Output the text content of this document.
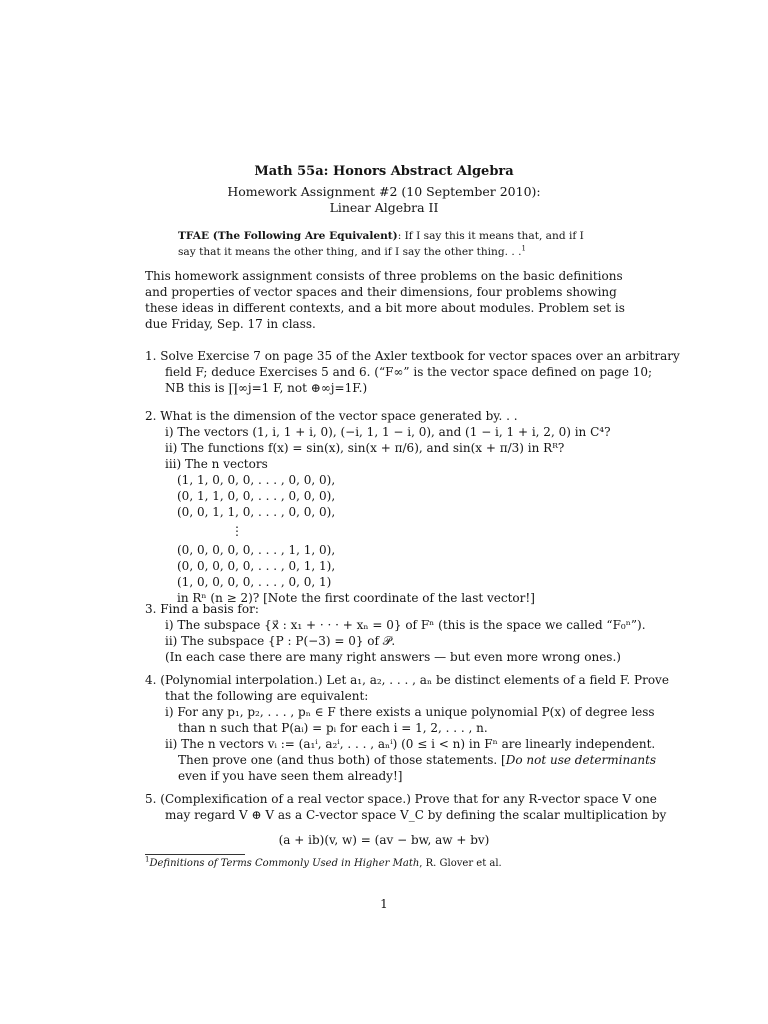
Math 55a: Honors Abstract Algebra
Homework Assignment #2 (10 September 2010):
Linear Algebra II
TFAE (The Following Are Equivalent): If I say this it means that, and if I
say that it means the other thing, and if I say the other thing. . .$^1$
This homework assignment consists of three problems on the basic definitions and properties of vector spaces and their dimensions, four problems showing these ideas in different contexts, and a bit more about modules. Problem set is due Friday, Sep. 17 in class.
1. Solve Exercise 7 on page 35 of the Axler textbook for vector spaces over an arbitrary
field F; deduce Exercises 5 and 6. (“F∞” is the vector space defined on page 10;
NB this is ∏∞j=1 F, not ⊕∞j=1F.)
2. What is the dimension of the vector space generated by. . .
i) The vectors (1, i, 1 + i, 0), (−i, 1, 1 − i, 0), and (1 − i, 1 + i, 2, 0) in C⁴?
ii) The functions f(x) = sin(x), sin(x + π/6), and sin(x + π/3) in Rᴿ?
iii) The n vectors
(1, 1, 0, 0, 0, . . . , 0, 0, 0),
(0, 1, 1, 0, 0, . . . , 0, 0, 0),
(0, 0, 1, 1, 0, . . . , 0, 0, 0),
⋮
(0, 0, 0, 0, 0, . . . , 1, 1, 0),
(0, 0, 0, 0, 0, . . . , 0, 1, 1),
(1, 0, 0, 0, 0, . . . , 0, 0, 1)
in Rⁿ (n ≥ 2)? [Note the first coordinate of the last vector!]
3. Find a basis for:
i) The subspace {x⃗ : x₁ + · · · + xₙ = 0} of Fⁿ (this is the space we called “F₀ⁿ”).
ii) The subspace {P : P(−3) = 0} of 𝒫.
(In each case there are many right answers — but even more wrong ones.)
4. (Polynomial interpolation.) Let a₁, a₂, . . . , aₙ be distinct elements of a field F. Prove
that the following are equivalent:
i) For any p₁, p₂, . . . , pₙ ∈ F there exists a unique polynomial P(x) of degree less
than n such that P(aᵢ) = pᵢ for each i = 1, 2, . . . , n.
ii) The n vectors vᵢ := (a₁ⁱ, a₂ⁱ, . . . , aₙⁱ) (0 ≤ i < n) in Fⁿ are linearly independent.
Then prove one (and thus both) of those statements. [Do not use determinants
even if you have seen them already!]
5. (Complexification of a real vector space.) Prove that for any R-vector space V one
may regard V ⊕ V as a C-vector space V_C by defining the scalar multiplication by
(a + ib)(v, w) = (av − bw, aw + bv)
$^1$Definitions of Terms Commonly Used in Higher Math, R. Glover et al.
1
